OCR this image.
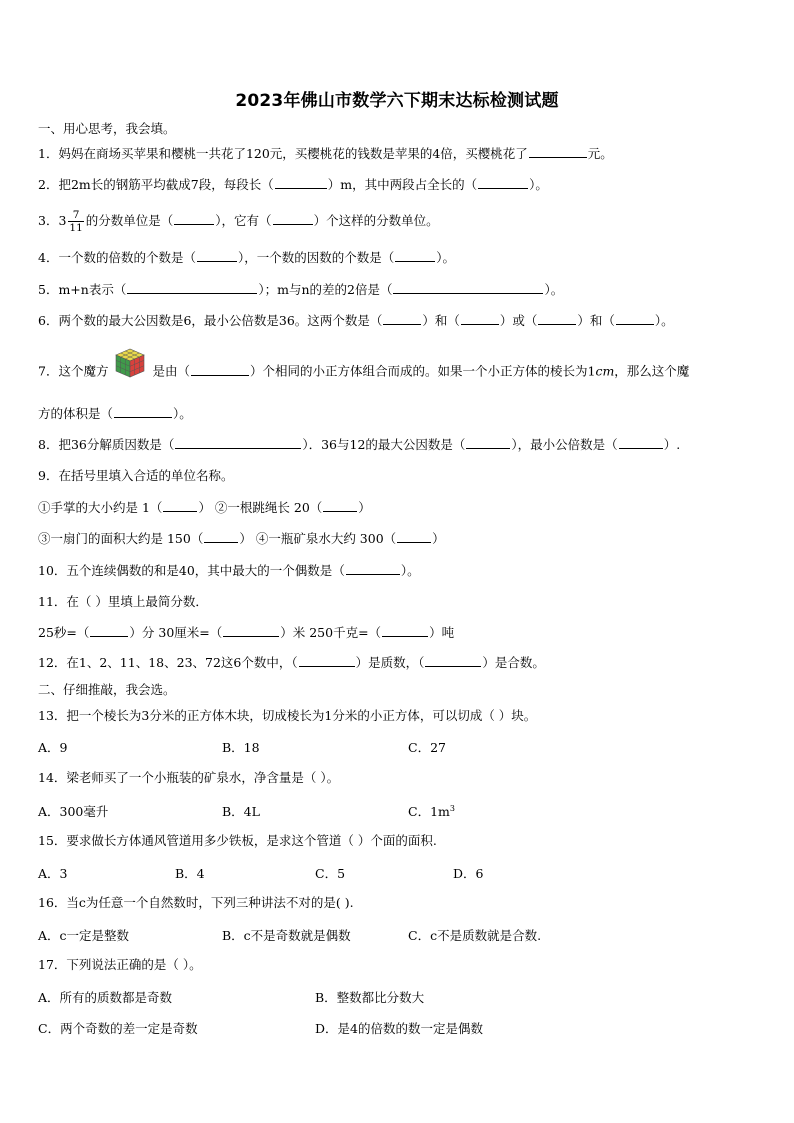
2023年佛山市数学六下期末达标检测试题
一、用心思考，我会填。
1．妈妈在商场买苹果和樱桃一共花了120元，买樱桃花的钱数是苹果的4倍，买樱桃花了	元。
2．把2m长的钢筋平均截成7段，每段长（	）m，其中两段占全长的（	）。
3．$3 \frac{7}{11}$ 的分数单位是（	），它有（	）个这样的分数单位。
4．一个数的倍数的个数是（	），一个数的因数的个数是（	）。
5．m+n表示（	）；m与n的差的2倍是（	）。
6．两个数的最大公因数是6，最小公倍数是36。这两个数是（	）和（	）或（	）和（	）。
7．这个魔方	是由（	）个相同的小正方体组合而成的。如果一个小正方体的棱长为1cm，那么这个魔
方的体积是（	）。
8．把36分解质因数是（	）．36与12的最大公因数是（	），最小公倍数是（	）.
9．在括号里填入合适的单位名称。
①手掌的大小约是 1（	） ②一根跳绳长 20（	）
③一扇门的面积大约是 150（	） ④一瓶矿泉水大约 300（	）
10．五个连续偶数的和是40，其中最大的一个偶数是（	）。
11．在（ ）里填上最简分数．
25秒=（	）分 30厘米=（	）米 250千克=（	）吨
12．在1、2、11、18、23、72这6个数中，（	）是质数，（	）是合数。
二、仔细推敲，我会选。
13．把一个棱长为3分米的正方体木块，切成棱长为1分米的小正方体，可以切成（ ）块。
A．9	B．18	C．27
14．梁老师买了一个小瓶装的矿泉水，净含量是（ ）。
A．300毫升	B．4L	C．$1m^3$
15．要求做长方体通风管道用多少铁板，是求这个管道（ ）个面的面积.
A．3	B．4	C．5	D．6
16．当c为任意一个自然数时，下列三种讲法不对的是( ).
A．c一定是整数	B．c不是奇数就是偶数	C．c不是质数就是合数.
17．下列说法正确的是（ ）。
A．所有的质数都是奇数	B．整数都比分数大
C．两个奇数的差一定是奇数	D．是4的倍数的数一定是偶数
